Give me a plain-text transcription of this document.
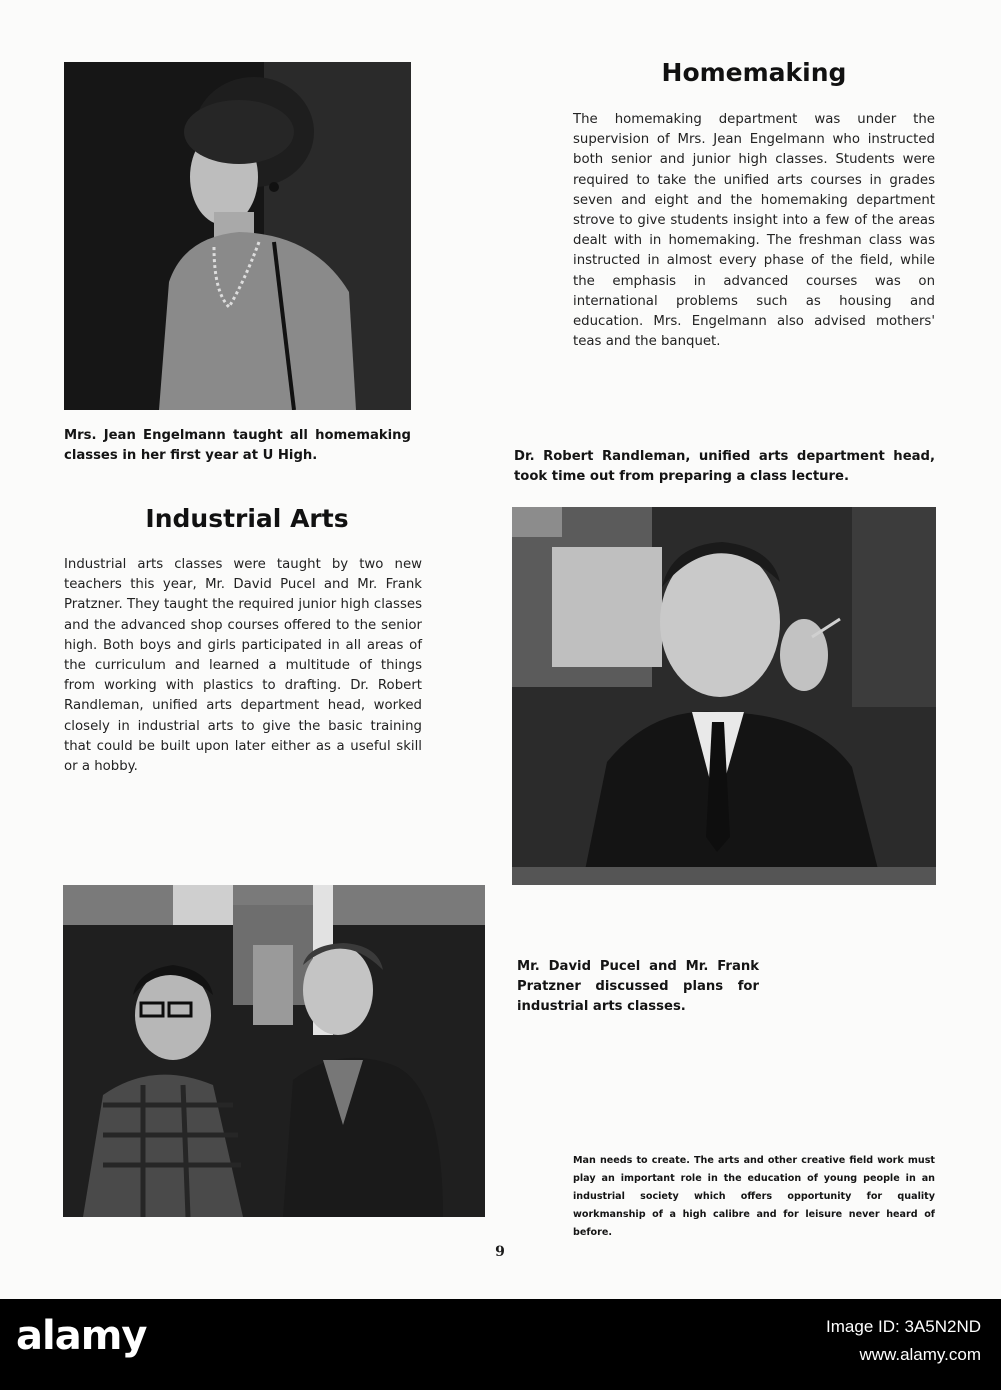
Mrs. Jean Engelmann taught all homemaking classes in her first year at U High.

Homemaking

The homemaking department was under the supervision of Mrs. Jean Engelmann who instructed both senior and junior high classes. Students were required to take the unified arts courses in grades seven and eight and the homemaking department strove to give students insight into a few of the areas dealt with in homemaking. The freshman class was instructed in almost every phase of the field, while the emphasis in advanced courses was on international problems such as housing and education. Mrs. Engelmann also advised mothers' teas and the banquet.

Dr. Robert Randleman, unified arts department head, took time out from preparing a class lecture.

Industrial Arts

Industrial arts classes were taught by two new teachers this year, Mr. David Pucel and Mr. Frank Pratzner. They taught the required junior high classes and the advanced shop courses offered to the senior high. Both boys and girls participated in all areas of the curriculum and learned a multitude of things from working with plastics to drafting. Dr. Robert Randleman, unified arts department head, worked closely in industrial arts to give the basic training that could be built upon later either as a useful skill or a hobby.

Mr. David Pucel and Mr. Frank Pratzner discussed plans for industrial arts classes.

Man needs to create. The arts and other creative field work must play an important role in the education of young people in an industrial society which offers opportunity for quality workmanship of a high calibre and for leisure never heard of before.

9

alamy	Image ID: 3A5N2ND

www.alamy.com
